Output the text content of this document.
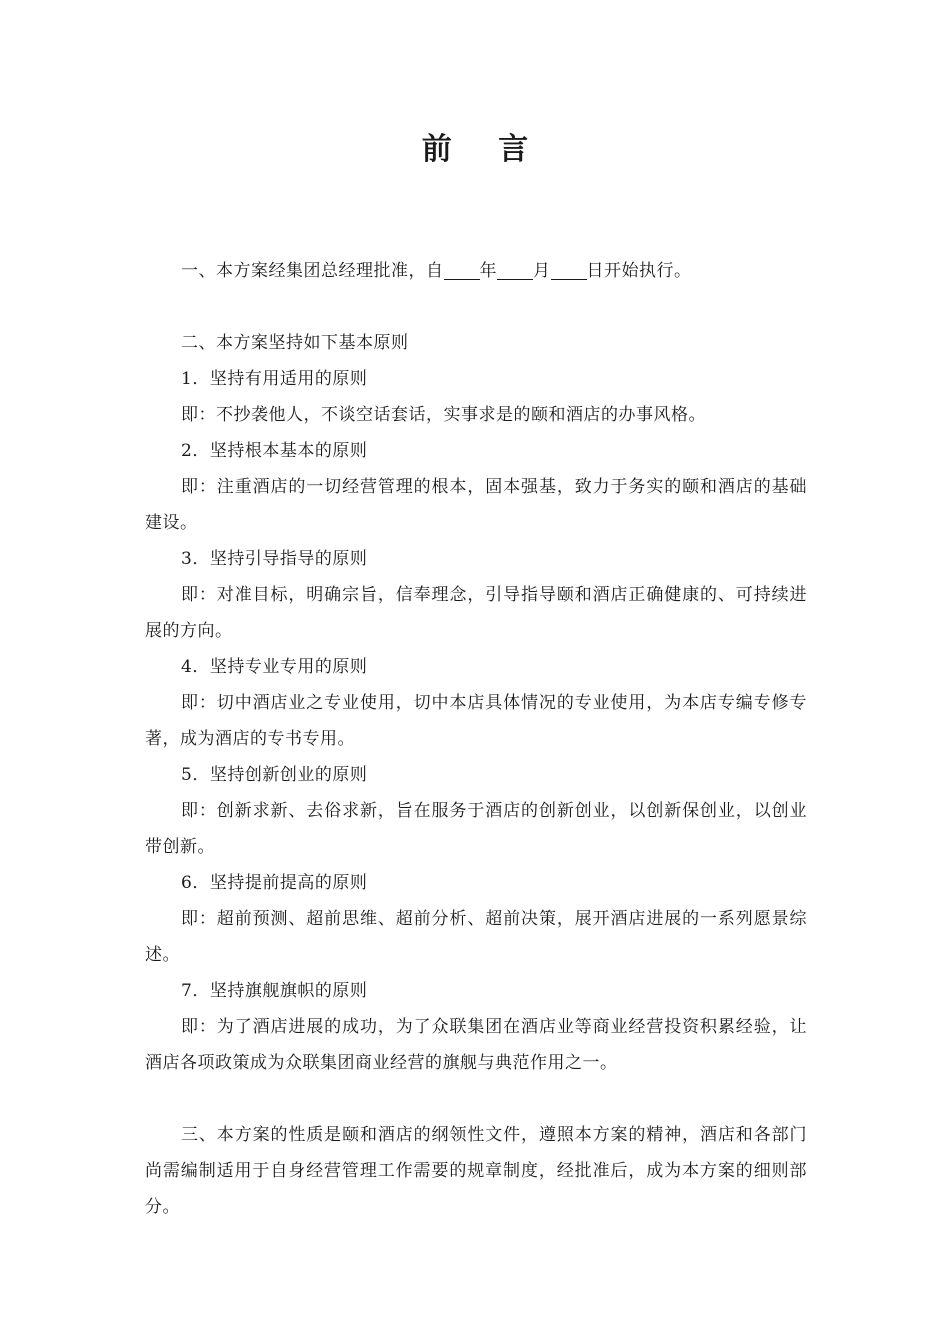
前 言

一、本方案经集团总经理批准，自 年 月 日开始执行。

二、本方案坚持如下基本原则

1．坚持有用适用的原则

即：不抄袭他人，不谈空话套话，实事求是的颐和酒店的办事风格。

2．坚持根本基本的原则

即：注重酒店的一切经营管理的根本，固本强基，致力于务实的颐和酒店的基础建设。

3．坚持引导指导的原则

即：对准目标，明确宗旨，信奉理念，引导指导颐和酒店正确健康的、可持续进展的方向。

4．坚持专业专用的原则

即：切中酒店业之专业使用，切中本店具体情况的专业使用，为本店专编专修专著，成为酒店的专书专用。

5．坚持创新创业的原则

即：创新求新、去俗求新，旨在服务于酒店的创新创业，以创新保创业，以创业带创新。

6．坚持提前提高的原则

即：超前预测、超前思维、超前分析、超前决策，展开酒店进展的一系列愿景综述。

7．坚持旗舰旗帜的原则

即：为了酒店进展的成功，为了众联集团在酒店业等商业经营投资积累经验，让酒店各项政策成为众联集团商业经营的旗舰与典范作用之一。

三、本方案的性质是颐和酒店的纲领性文件，遵照本方案的精神，酒店和各部门尚需编制适用于自身经营管理工作需要的规章制度，经批准后，成为本方案的细则部分。
